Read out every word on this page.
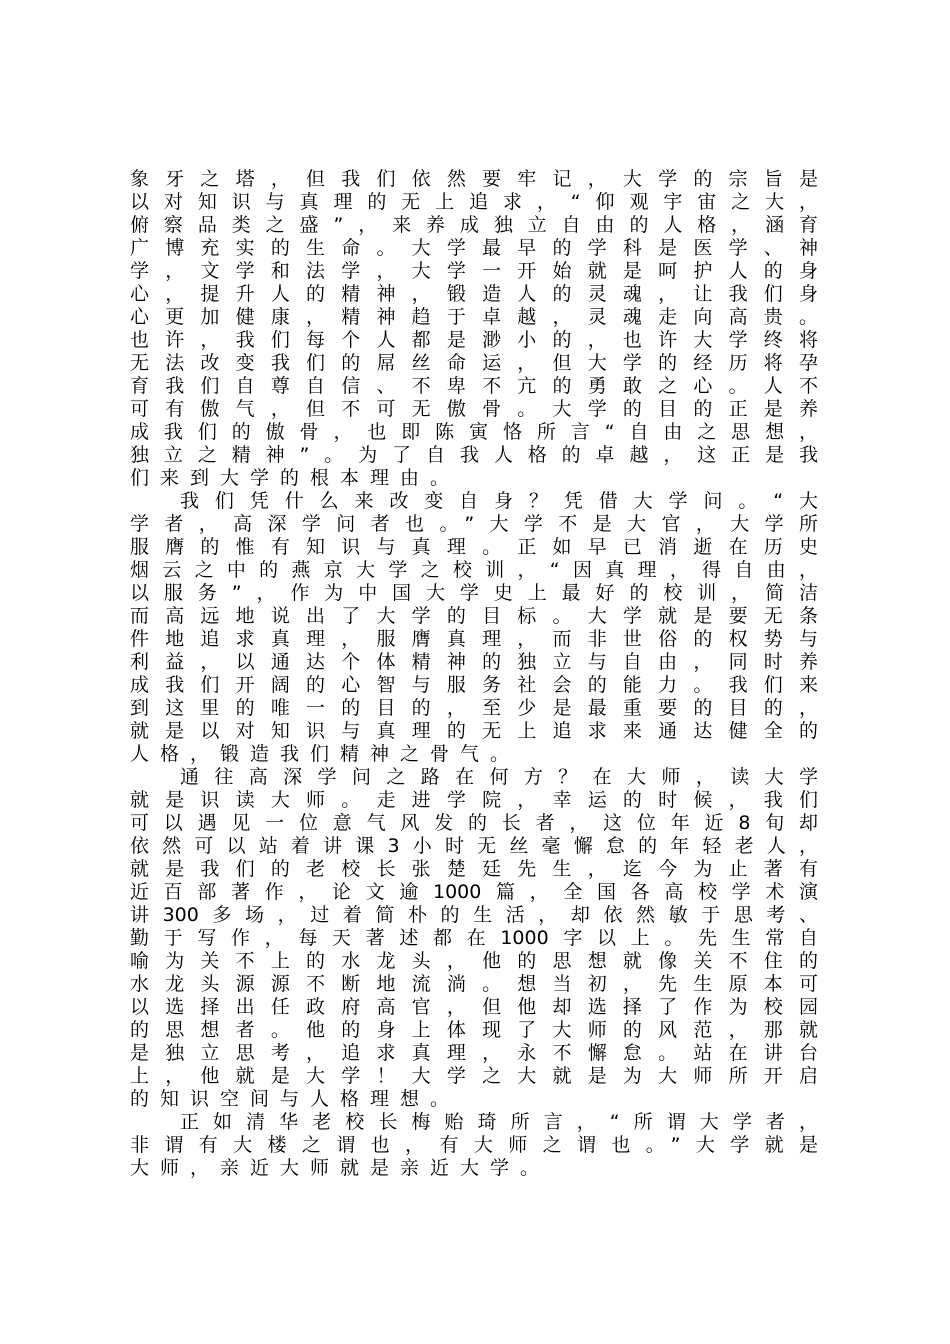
象牙之塔，但我们依然要牢记，大学的宗旨是
以对知识与真理的无上追求，“仰观宇宙之大，
俯察品类之盛”，来养成独立自由的人格，涵育
广博充实的生命。大学最早的学科是医学、神
学，文学和法学，大学一开始就是呵护人的身
心，提升人的精神，锻造人的灵魂，让我们身
心更加健康，精神趋于卓越，灵魂走向高贵。
也许，我们每个人都是渺小的，也许大学终将
无法改变我们的屌丝命运，但大学的经历将孕
育我们自尊自信、不卑不亢的勇敢之心。人不
可有傲气，但不可无傲骨。大学的目的正是养
成我们的傲骨，也即陈寅恪所言“自由之思想，
独立之精神”。为了自我人格的卓越，这正是我
们来到大学的根本理由。
我们凭什么来改变自身？凭借大学问。“大
学者，高深学问者也。”大学不是大官，大学所
服膺的惟有知识与真理。正如早已消逝在历史
烟云之中的燕京大学之校训，“因真理，得自由，
以服务”，作为中国大学史上最好的校训，简洁
而高远地说出了大学的目标。大学就是要无条
件地追求真理，服膺真理，而非世俗的权势与
利益，以通达个体精神的独立与自由，同时养
成我们开阔的心智与服务社会的能力。我们来
到这里的唯一的目的，至少是最重要的目的，
就是以对知识与真理的无上追求来通达健全的
人格，锻造我们精神之骨气。
通往高深学问之路在何方？在大师，读大学
就是识读大师。走进学院，幸运的时候，我们
可以遇见一位意气风发的长者，这位年近8旬却
依然可以站着讲课3小时无丝毫懈怠的年轻老人，
就是我们的老校长张楚廷先生，迄今为止著有
近百部著作，论文逾1000篇，全国各高校学术演
讲300多场，过着简朴的生活，却依然敏于思考、
勤于写作，每天著述都在1000字以上。先生常自
喻为关不上的水龙头，他的思想就像关不住的
水龙头源源不断地流淌。想当初，先生原本可
以选择出任政府高官，但他却选择了作为校园
的思想者。他的身上体现了大师的风范，那就
是独立思考，追求真理，永不懈怠。站在讲台
上，他就是大学！大学之大就是为大师所开启
的知识空间与人格理想。
正如清华老校长梅贻琦所言，“所谓大学者，
非谓有大楼之谓也，有大师之谓也。”大学就是
大师，亲近大师就是亲近大学。
